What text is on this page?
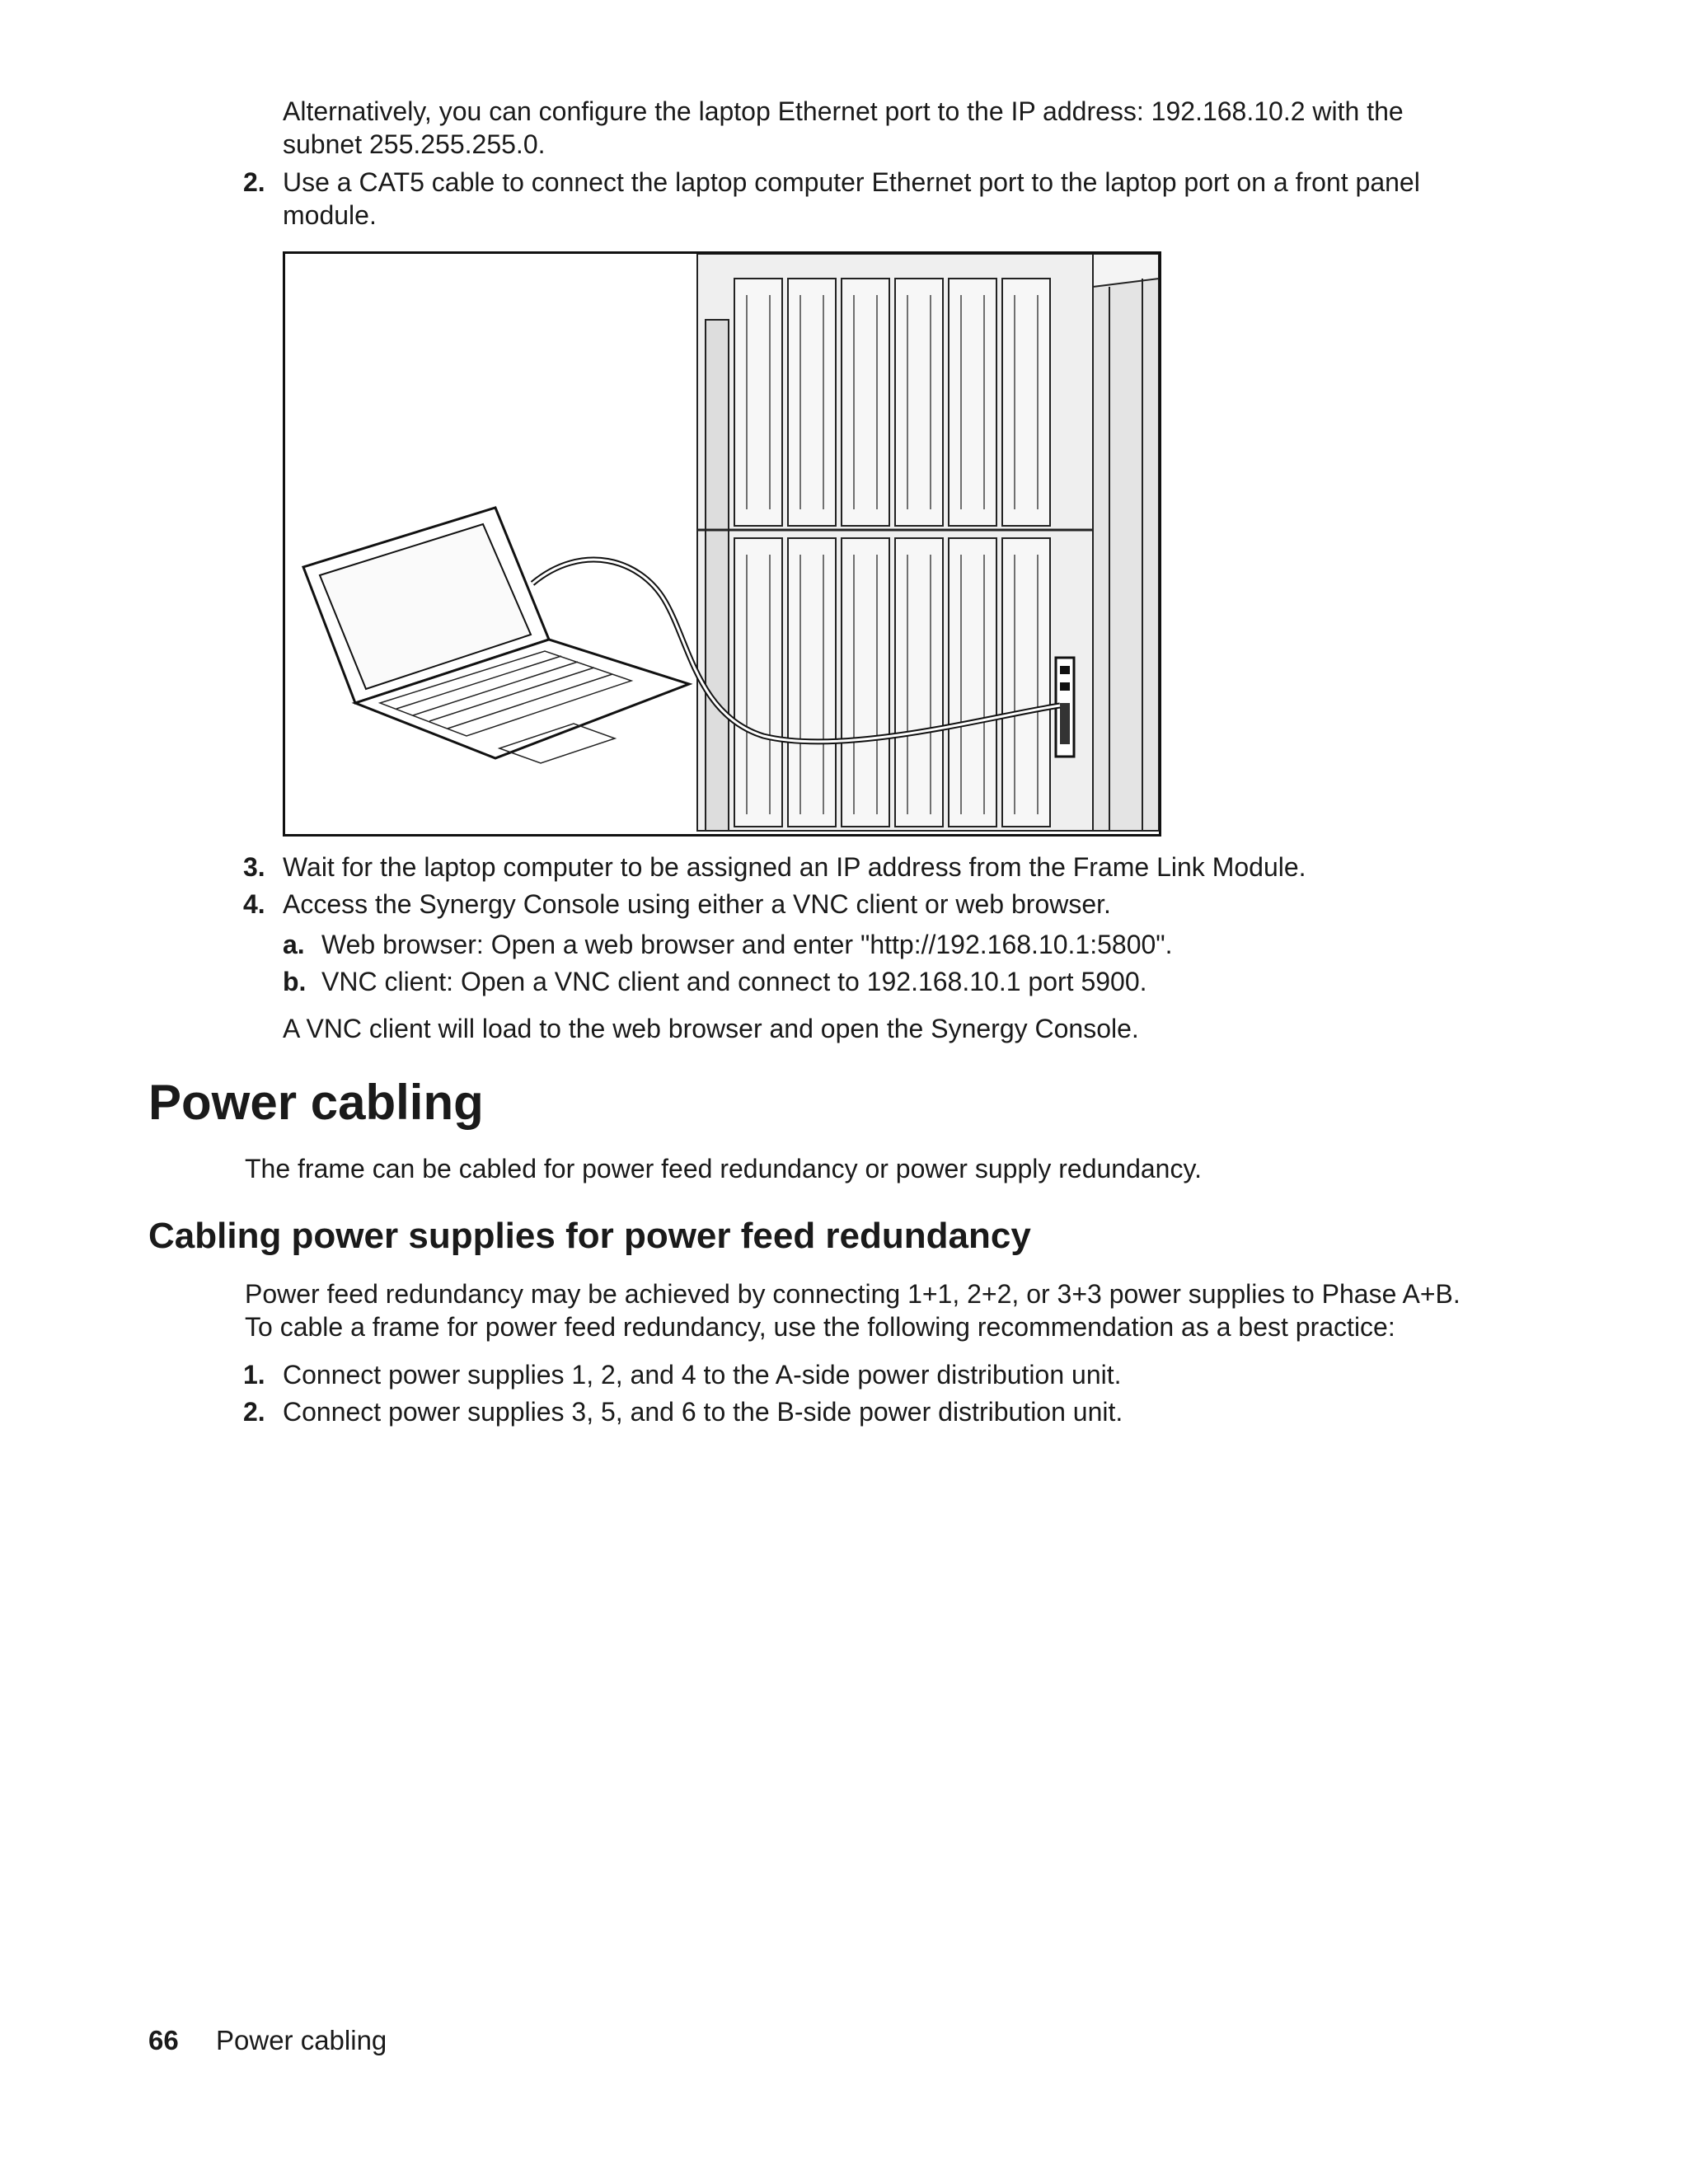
Alternatively, you can configure the laptop Ethernet port to the IP address: 192.168.10.2 with the

subnet 255.255.255.0.

2. Use a CAT5 cable to connect the laptop computer Ethernet port to the laptop port on a front panel

module.

3. Wait for the laptop computer to be assigned an IP address from the Frame Link Module.

4. Access the Synergy Console using either a VNC client or web browser.

a. Web browser: Open a web browser and enter "http://192.168.10.1:5800".

b. VNC client: Open a VNC client and connect to 192.168.10.1 port 5900.

A VNC client will load to the web browser and open the Synergy Console.

Power cabling

The frame can be cabled for power feed redundancy or power supply redundancy.

Cabling power supplies for power feed redundancy

Power feed redundancy may be achieved by connecting 1+1, 2+2, or 3+3 power supplies to Phase A+B.

To cable a frame for power feed redundancy, use the following recommendation as a best practice:

1. Connect power supplies 1, 2, and 4 to the A-side power distribution unit.

2. Connect power supplies 3, 5, and 6 to the B-side power distribution unit.

66 Power cabling
